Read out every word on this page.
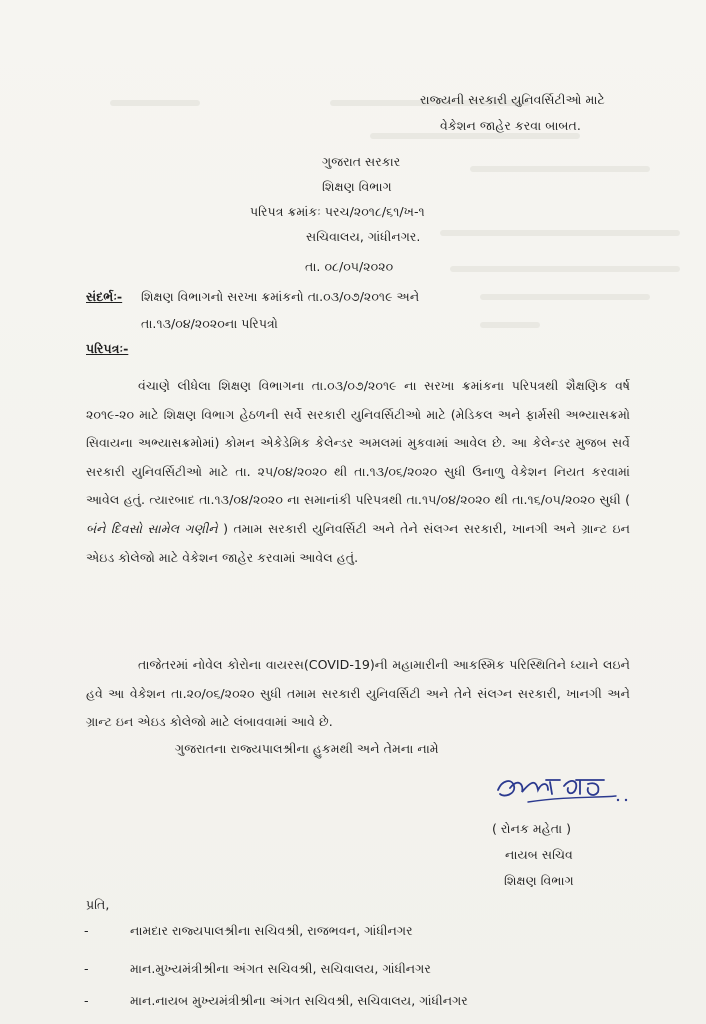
રાજ્યની સરકારી યુનિવર્સિટીઓ માટે
વેકેશન જાહેર કરવા બાબત.
ગુજરાત સરકાર
શિક્ષણ વિભાગ
પરિપત્ર ક્રમાંકઃ પરચ/૨૦૧૮/૬૧/ખ-૧
સચિવાલય, ગાંધીનગર.
તા. ૦૮/૦૫/૨૦૨૦
સંદર્ભઃ- શિક્ષણ વિભાગનો સરખા ક્રમાંકનો તા.૦૩/૦૭/૨૦૧૯ અને
તા.૧૩/૦૪/૨૦૨૦ના પરિપત્રો
પરિપત્રઃ-
વંચાણે લીધેલા શિક્ષણ વિભાગના તા.૦૩/૦૭/૨૦૧૯ ના સરખા ક્રમાંકના પરિપત્રથી શૈક્ષણિક વર્ષ ૨૦૧૯-૨૦ માટે શિક્ષણ વિભાગ હેઠળની સર્વે સરકારી યુનિવર્સિટીઓ માટે (મેડિકલ અને ફાર્મસી અભ્યાસક્રમો સિવાયના અભ્યાસક્રમોમાં) કોમન એકેડેમિક કેલેન્ડર અમલમાં મુકવામાં આવેલ છે. આ કેલેન્ડર મુજબ સર્વે સરકારી યુનિવર્સિટીઓ માટે તા. ૨૫/૦૪/૨૦૨૦ થી તા.૧૩/૦૬/૨૦૨૦ સુધી ઉનાળુ વેકેશન નિયત કરવામાં આવેલ હતું. ત્યારબાદ તા.૧૩/૦૪/૨૦૨૦ ના સમાનાંકી પરિપત્રથી તા.૧૫/૦૪/૨૦૨૦ થી તા.૧૬/૦૫/૨૦૨૦ સુધી ( બંને દિવસો સામેલ ગણીને ) તમામ સરકારી યુનિવર્સિટી અને તેને સંલગ્ન સરકારી, ખાનગી અને ગ્રાન્ટ ઇન એઇડ કોલેજો માટે વેકેશન જાહેર કરવામાં આવેલ હતું.
તાજેતરમાં નોવેલ કોરોના વાયરસ(COVID-19)ની મહામારીની આકસ્મિક પરિસ્થિતિને ધ્યાને લઇને હવે આ વેકેશન તા.૨૦/૦૬/૨૦૨૦ સુધી તમામ સરકારી યુનિવર્સિટી અને તેને સંલગ્ન સરકારી, ખાનગી અને ગ્રાન્ટ ઇન એઇડ કોલેજો માટે લંબાવવામાં આવે છે.
ગુજરાતના રાજ્યપાલશ્રીના હુકમથી અને તેમના નામે
( રોનક મહેતા )
નાયબ સચિવ
શિક્ષણ વિભાગ
પ્રતિ,
-	નામદાર રાજ્યપાલશ્રીના સચિવશ્રી, રાજભવન, ગાંધીનગર
-	માન.મુખ્યમંત્રીશ્રીના અંગત સચિવશ્રી, સચિવાલય, ગાંધીનગર
-	માન.નાયબ મુખ્યમંત્રીશ્રીના અંગત સચિવશ્રી, સચિવાલય, ગાંધીનગર
